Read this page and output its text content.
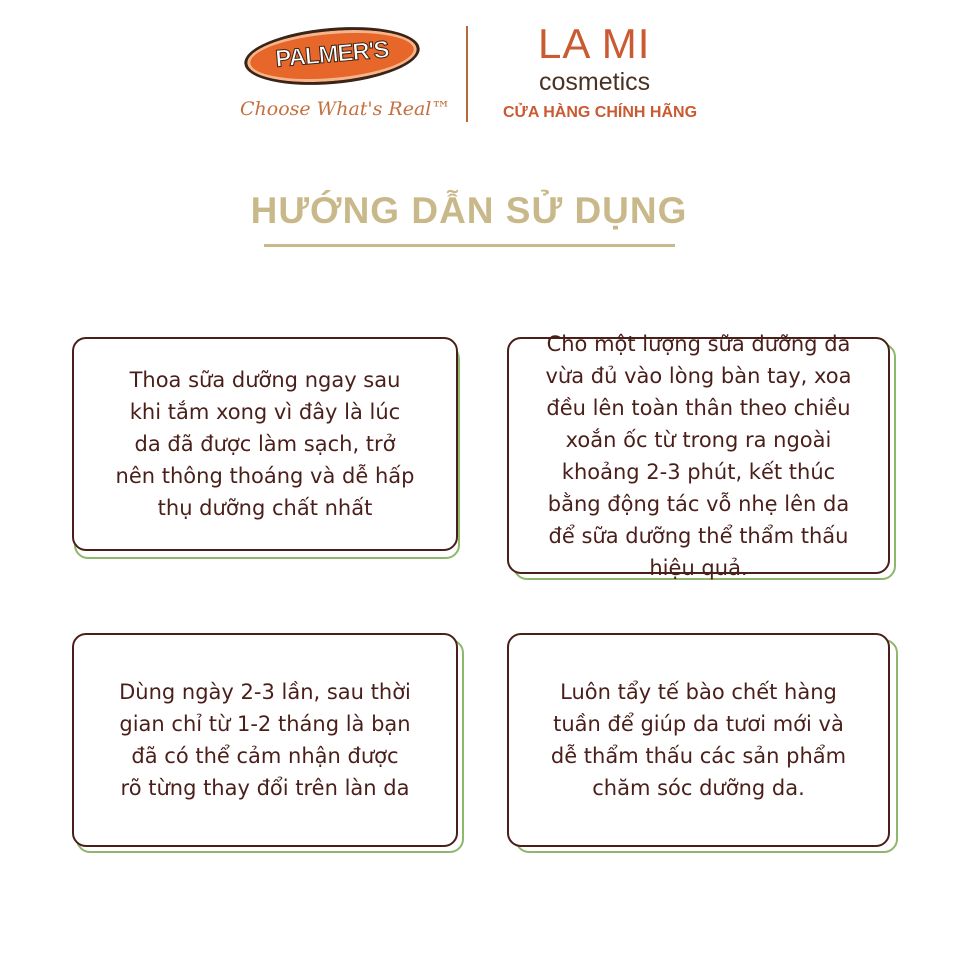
PALMER'S
Choose What's Real™
LA MI
cosmetics
CỬA HÀNG CHÍNH HÃNG
HƯỚNG DẪN SỬ DỤNG
Thoa sữa dưỡng ngay sau khi tắm xong vì đây là lúc da đã được làm sạch, trở nên thông thoáng và dễ hấp thụ dưỡng chất nhất
Cho một lượng sữa dưỡng da vừa đủ vào lòng bàn tay, xoa đều lên toàn thân theo chiều xoắn ốc từ trong ra ngoài khoảng 2-3 phút, kết thúc bằng động tác vỗ nhẹ lên da để sữa dưỡng thể thẩm thấu hiệu quả.
Dùng ngày 2-3 lần, sau thời gian chỉ từ 1-2 tháng là bạn đã có thể cảm nhận được rõ từng thay đổi trên làn da
Luôn tẩy tế bào chết hàng tuần để giúp da tươi mới và dễ thẩm thấu các sản phẩm chăm sóc dưỡng da.
